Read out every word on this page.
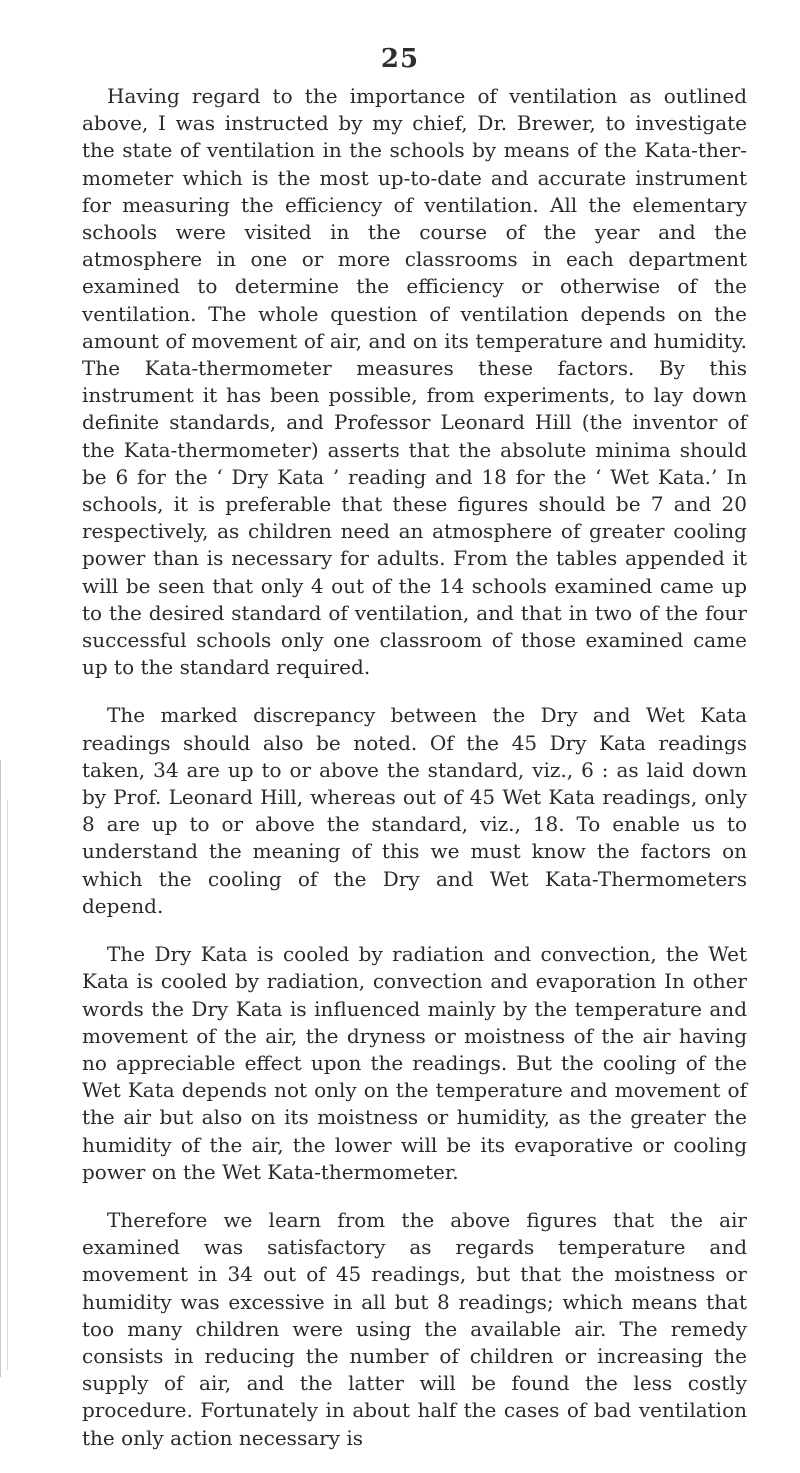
25

Having regard to the importance of ventilation as outlined above, I was instructed by my chief, Dr. Brewer, to investigate the state of ventilation in the schools by means of the Kata-thermometer which is the most up-to-date and accurate instrument for measuring the efficiency of ventilation. All the elementary schools were visited in the course of the year and the atmosphere in one or more classrooms in each department examined to determine the efficiency or otherwise of the ventilation. The whole question of ventilation depends on the amount of movement of air, and on its temperature and humidity. The Kata-thermometer measures these factors. By this instrument it has been possible, from experiments, to lay down definite standards, and Professor Leonard Hill (the inventor of the Kata-thermometer) asserts that the absolute minima should be 6 for the ‘ Dry Kata ’ reading and 18 for the ‘ Wet Kata.’ In schools, it is preferable that these figures should be 7 and 20 respectively, as children need an atmosphere of greater cooling power than is necessary for adults. From the tables appended it will be seen that only 4 out of the 14 schools examined came up to the desired standard of ventilation, and that in two of the four successful schools only one classroom of those examined came up to the standard required.

The marked discrepancy between the Dry and Wet Kata readings should also be noted. Of the 45 Dry Kata readings taken, 34 are up to or above the standard, viz., 6 : as laid down by Prof. Leonard Hill, whereas out of 45 Wet Kata readings, only 8 are up to or above the standard, viz., 18. To enable us to understand the meaning of this we must know the factors on which the cooling of the Dry and Wet Kata-Thermometers depend.

The Dry Kata is cooled by radiation and convection, the Wet Kata is cooled by radiation, convection and evaporation In other words the Dry Kata is influenced mainly by the temperature and movement of the air, the dryness or moistness of the air having no appreciable effect upon the readings. But the cooling of the Wet Kata depends not only on the temperature and movement of the air but also on its moistness or humidity, as the greater the humidity of the air, the lower will be its evaporative or cooling power on the Wet Kata-thermometer.

Therefore we learn from the above figures that the air examined was satisfactory as regards temperature and movement in 34 out of 45 readings, but that the moistness or humidity was excessive in all but 8 readings; which means that too many children were using the available air. The remedy consists in reducing the number of children or increasing the supply of air, and the latter will be found the less costly procedure. Fortunately in about half the cases of bad ventilation the only action necessary is
